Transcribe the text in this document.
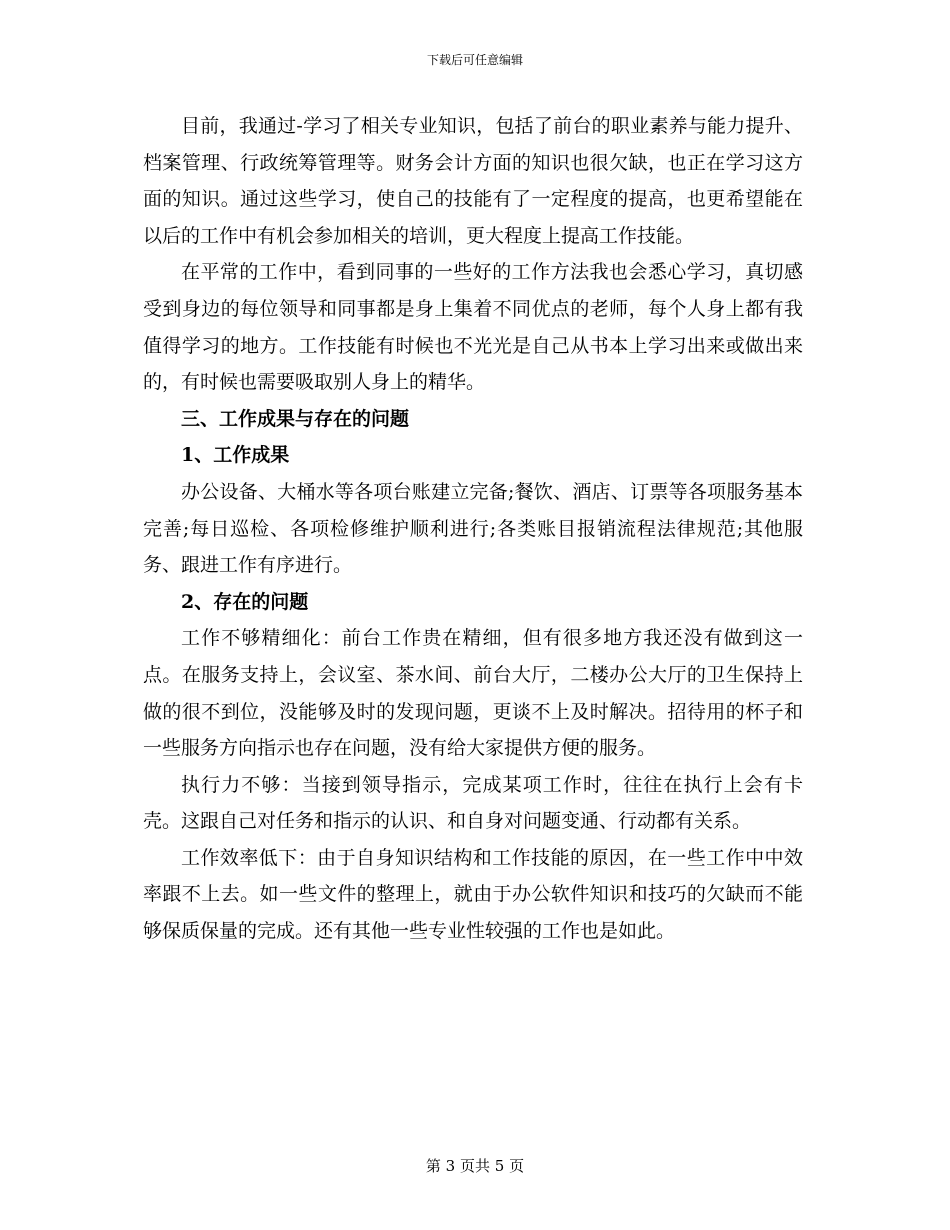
下载后可任意编辑

目前，我通过-学习了相关专业知识，包括了前台的职业素养与能力提升、档案管理、行政统筹管理等。财务会计方面的知识也很欠缺，也正在学习这方面的知识。通过这些学习，使自己的技能有了一定程度的提高，也更希望能在以后的工作中有机会参加相关的培训，更大程度上提高工作技能。

在平常的工作中，看到同事的一些好的工作方法我也会悉心学习，真切感受到身边的每位领导和同事都是身上集着不同优点的老师，每个人身上都有我值得学习的地方。工作技能有时候也不光光是自己从书本上学习出来或做出来的，有时候也需要吸取别人身上的精华。

三、工作成果与存在的问题

1、工作成果

办公设备、大桶水等各项台账建立完备;餐饮、酒店、订票等各项服务基本完善;每日巡检、各项检修维护顺利进行;各类账目报销流程法律规范;其他服务、跟进工作有序进行。

2、存在的问题

工作不够精细化：前台工作贵在精细，但有很多地方我还没有做到这一点。在服务支持上，会议室、茶水间、前台大厅，二楼办公大厅的卫生保持上做的很不到位，没能够及时的发现问题，更谈不上及时解决。招待用的杯子和一些服务方向指示也存在问题，没有给大家提供方便的服务。

执行力不够：当接到领导指示，完成某项工作时，往往在执行上会有卡壳。这跟自己对任务和指示的认识、和自身对问题变通、行动都有关系。

工作效率低下：由于自身知识结构和工作技能的原因，在一些工作中中效率跟不上去。如一些文件的整理上，就由于办公软件知识和技巧的欠缺而不能够保质保量的完成。还有其他一些专业性较强的工作也是如此。

第 3 页共 5 页
